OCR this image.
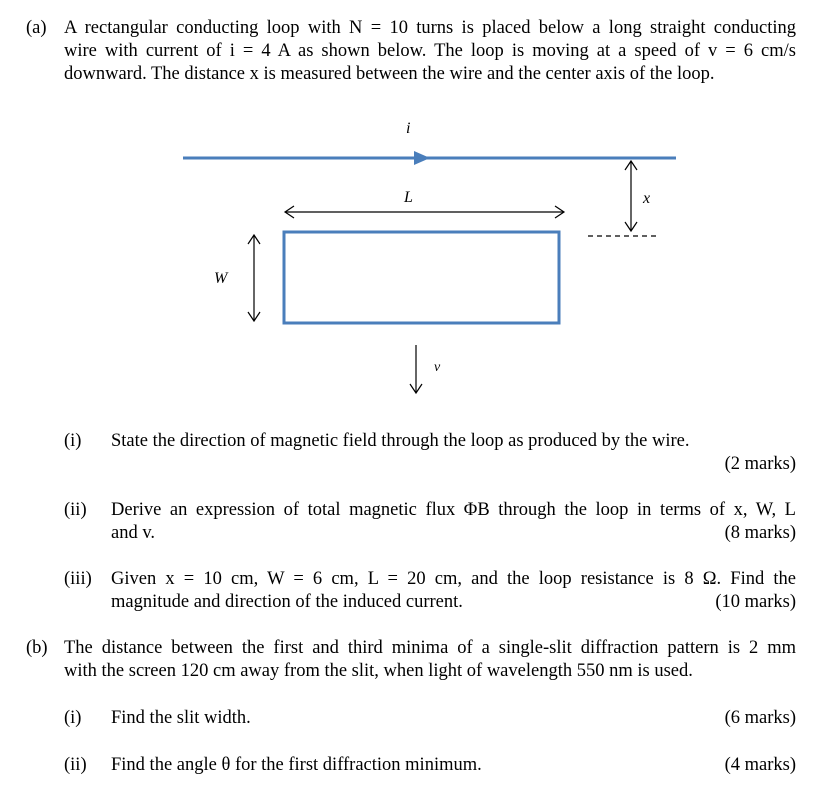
(a) A rectangular conducting loop with N = 10 turns is placed below a long straight conducting
wire with current of i = 4 A as shown below. The loop is moving at a speed of v = 6 cm/s
downward. The distance x is measured between the wire and the center axis of the loop.
i
L	x
W
v
(i) State the direction of magnetic field through the loop as produced by the wire.
(2 marks)
(ii) Derive an expression of total magnetic flux ΦB through the loop in terms of x, W, L
and v.	(8 marks)
(iii) Given x = 10 cm, W = 6 cm, L = 20 cm, and the loop resistance is 8 Ω. Find the
magnitude and direction of the induced current.	(10 marks)
(b) The distance between the first and third minima of a single-slit diffraction pattern is 2 mm
with the screen 120 cm away from the slit, when light of wavelength 550 nm is used.
(i) Find the slit width.	(6 marks)
(ii) Find the angle θ for the first diffraction minimum.	(4 marks)
